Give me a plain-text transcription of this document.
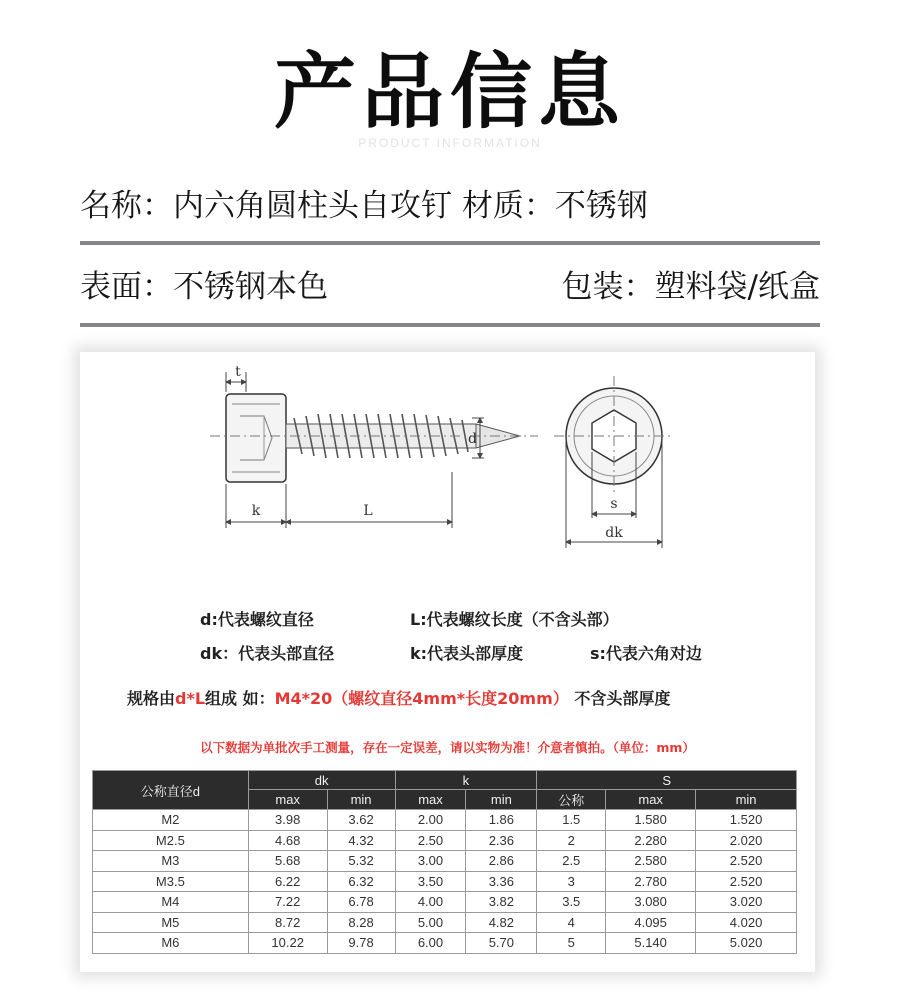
产品信息
PRODUCT INFORMATION
名称：内六角圆柱头自攻钉 材质：不锈钢
表面：不锈钢本色	包装：塑料袋/纸盒
t
d
k	L	s
dk
d:代表螺纹直径	L:代表螺纹长度（不含头部）
dk：代表头部直径	k:代表头部厚度	s:代表六角对边
规格由d*L组成 如：M4*20（螺纹直径4mm*长度20mm） 不含头部厚度
以下数据为单批次手工测量，存在一定误差，请以实物为准！介意者慎拍。（单位：mm）
公称直径d	dk		k		S		
	max	min	max	min	公称	max	min
M2	3.98	3.62	2.00	1.86	1.5	1.580	1.520
M2.5	4.68	4.32	2.50	2.36	2	2.280	2.020
M3	5.68	5.32	3.00	2.86	2.5	2.580	2.520
M3.5	6.22	6.32	3.50	3.36	3	2.780	2.520
M4	7.22	6.78	4.00	3.82	3.5	3.080	3.020
M5	8.72	8.28	5.00	4.82	4	4.095	4.020
M6	10.22	9.78	6.00	5.70	5	5.140	5.020
